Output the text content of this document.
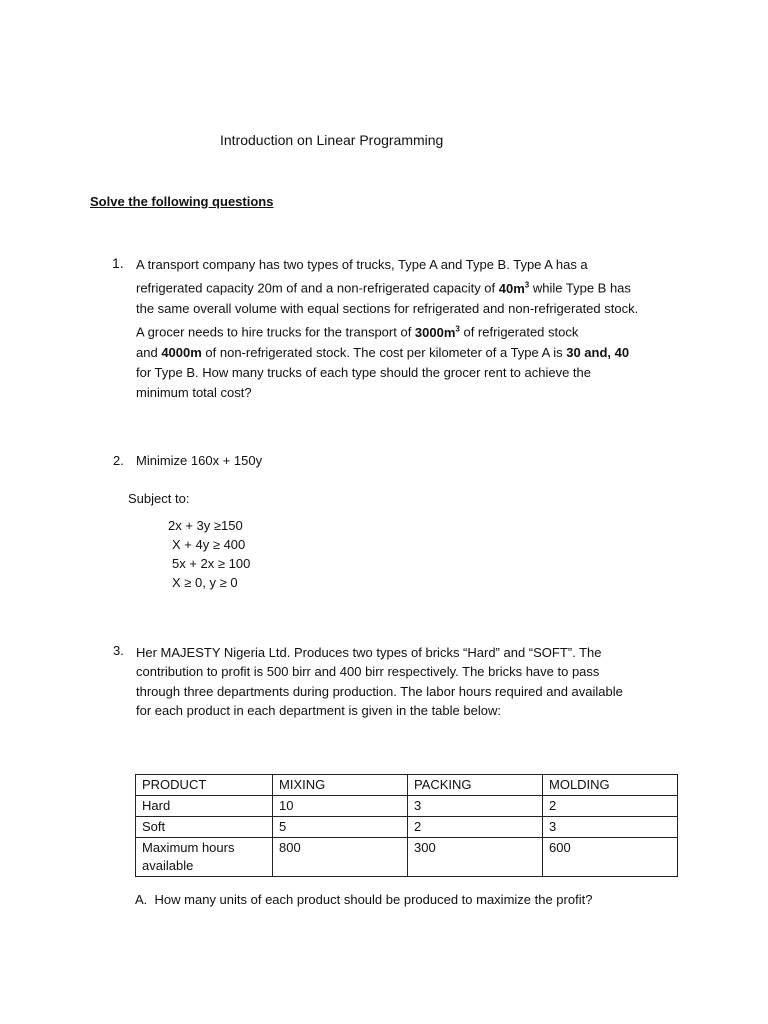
Introduction on Linear Programming
Solve the following questions
1. A transport company has two types of trucks, Type A and Type B. Type A has a
refrigerated capacity 20m of and a non-refrigerated capacity of $40m^3$ while Type B has
the same overall volume with equal sections for refrigerated and non-refrigerated stock.
A grocer needs to hire trucks for the transport of $3000m^3$ of refrigerated stock
and 4000m of non-refrigerated stock. The cost per kilometer of a Type A is 30 and, 40
for Type B. How many trucks of each type should the grocer rent to achieve the
minimum total cost?
2. Minimize 160x + 150y
Subject to:
2x + 3y ≥150
X + 4y ≥ 400
5x + 2x ≥ 100
X ≥ 0, y ≥ 0
3. Her MAJESTY Nigeria Ltd. Produces two types of bricks “Hard” and “SOFT”. The
contribution to profit is 500 birr and 400 birr respectively. The bricks have to pass
through three departments during production. The labor hours required and available
for each product in each department is given in the table below:
PRODUCT	MIXING	PACKING	MOLDING
Hard	10	3	2
Soft	5	2	3
Maximum hours available	800	300	600
A. How many units of each product should be produced to maximize the profit?
